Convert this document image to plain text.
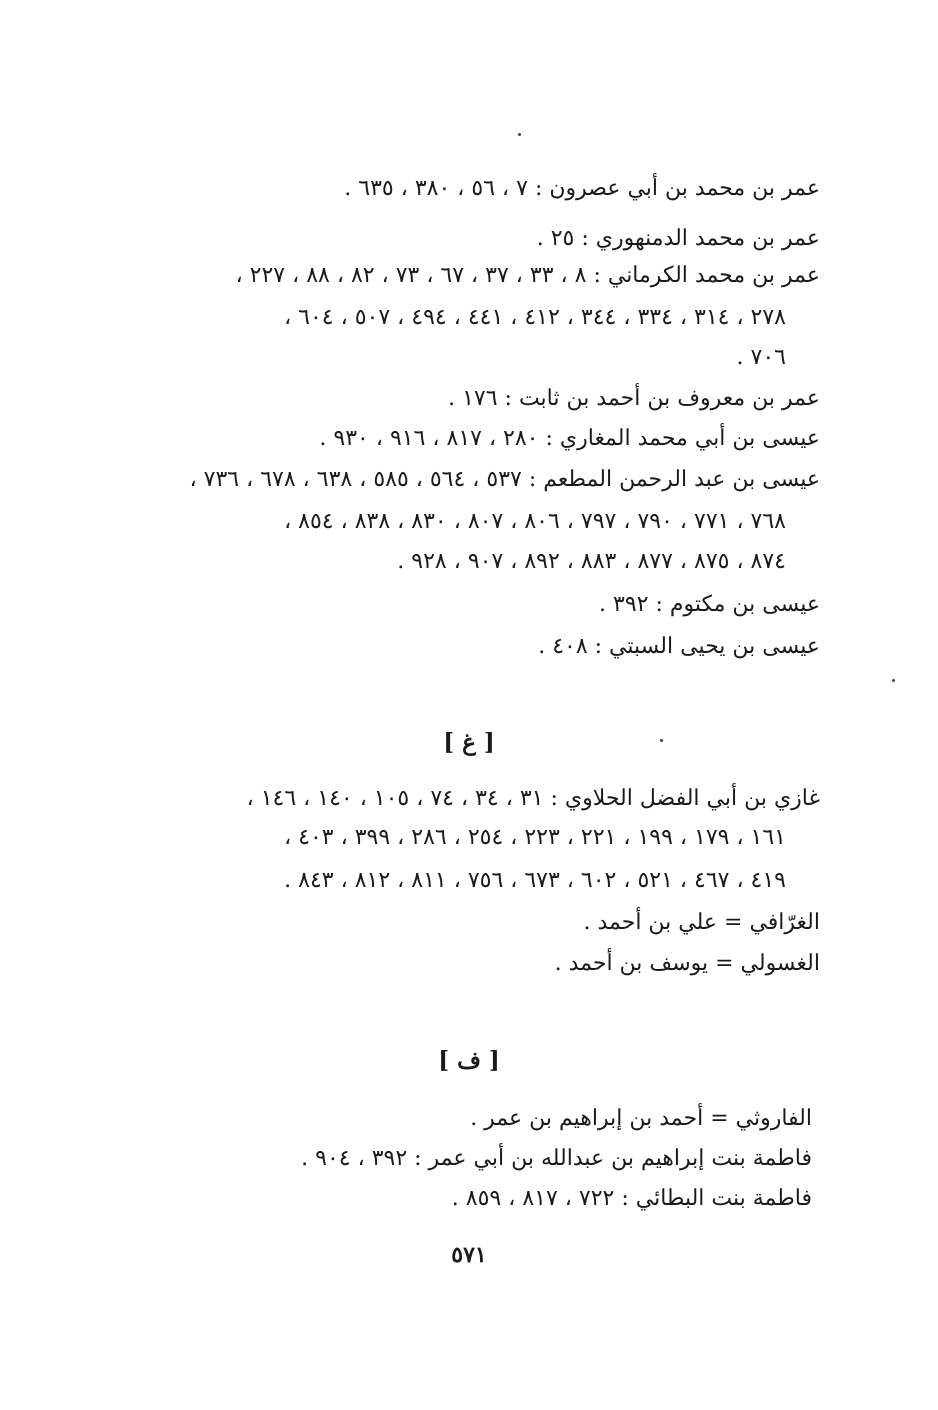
عمر بن محمد بن أبي عصرون : ٧ ، ٥٦ ، ٣٨٠ ، ٦٣٥ .
عمر بن محمد الدمنهوري : ٢٥ .
عمر بن محمد الكرماني : ٨ ، ٣٣ ، ٣٧ ، ٦٧ ، ٧٣ ، ٨٢ ، ٨٨ ، ٢٢٧ ،
٢٧٨ ، ٣١٤ ، ٣٣٤ ، ٣٤٤ ، ٤١٢ ، ٤٤١ ، ٤٩٤ ، ٥٠٧ ، ٦٠٤ ،
٧٠٦ .
عمر بن معروف بن أحمد بن ثابت : ١٧٦ .
عيسى بن أبي محمد المغاري : ٢٨٠ ، ٨١٧ ، ٩١٦ ، ٩٣٠ .
عيسى بن عبد الرحمن المطعم : ٥٣٧ ، ٥٦٤ ، ٥٨٥ ، ٦٣٨ ، ٦٧٨ ، ٧٣٦ ،
٧٦٨ ، ٧٧١ ، ٧٩٠ ، ٧٩٧ ، ٨٠٦ ، ٨٠٧ ، ٨٣٠ ، ٨٣٨ ، ٨٥٤ ،
٨٧٤ ، ٨٧٥ ، ٨٧٧ ، ٨٨٣ ، ٨٩٢ ، ٩٠٧ ، ٩٢٨ .
عيسى بن مكتوم : ٣٩٢ .
عيسى بن يحيى السبتي : ٤٠٨ .
[ غ ]
غازي بن أبي الفضل الحلاوي : ٣١ ، ٣٤ ، ٧٤ ، ١٠٥ ، ١٤٠ ، ١٤٦ ،
١٦١ ، ١٧٩ ، ١٩٩ ، ٢٢١ ، ٢٢٣ ، ٢٥٤ ، ٢٨٦ ، ٣٩٩ ، ٤٠٣ ،
٤١٩ ، ٤٦٧ ، ٥٢١ ، ٦٠٢ ، ٦٧٣ ، ٧٥٦ ، ٨١١ ، ٨١٢ ، ٨٤٣ .
الغرّافي = علي بن أحمد .
الغسولي = يوسف بن أحمد .
[ ف ]
الفاروثي = أحمد بن إبراهيم بن عمر .
فاطمة بنت إبراهيم بن عبدالله بن أبي عمر : ٣٩٢ ، ٩٠٤ .
فاطمة بنت البطائي : ٧٢٢ ، ٨١٧ ، ٨٥٩ .
٥٧١
